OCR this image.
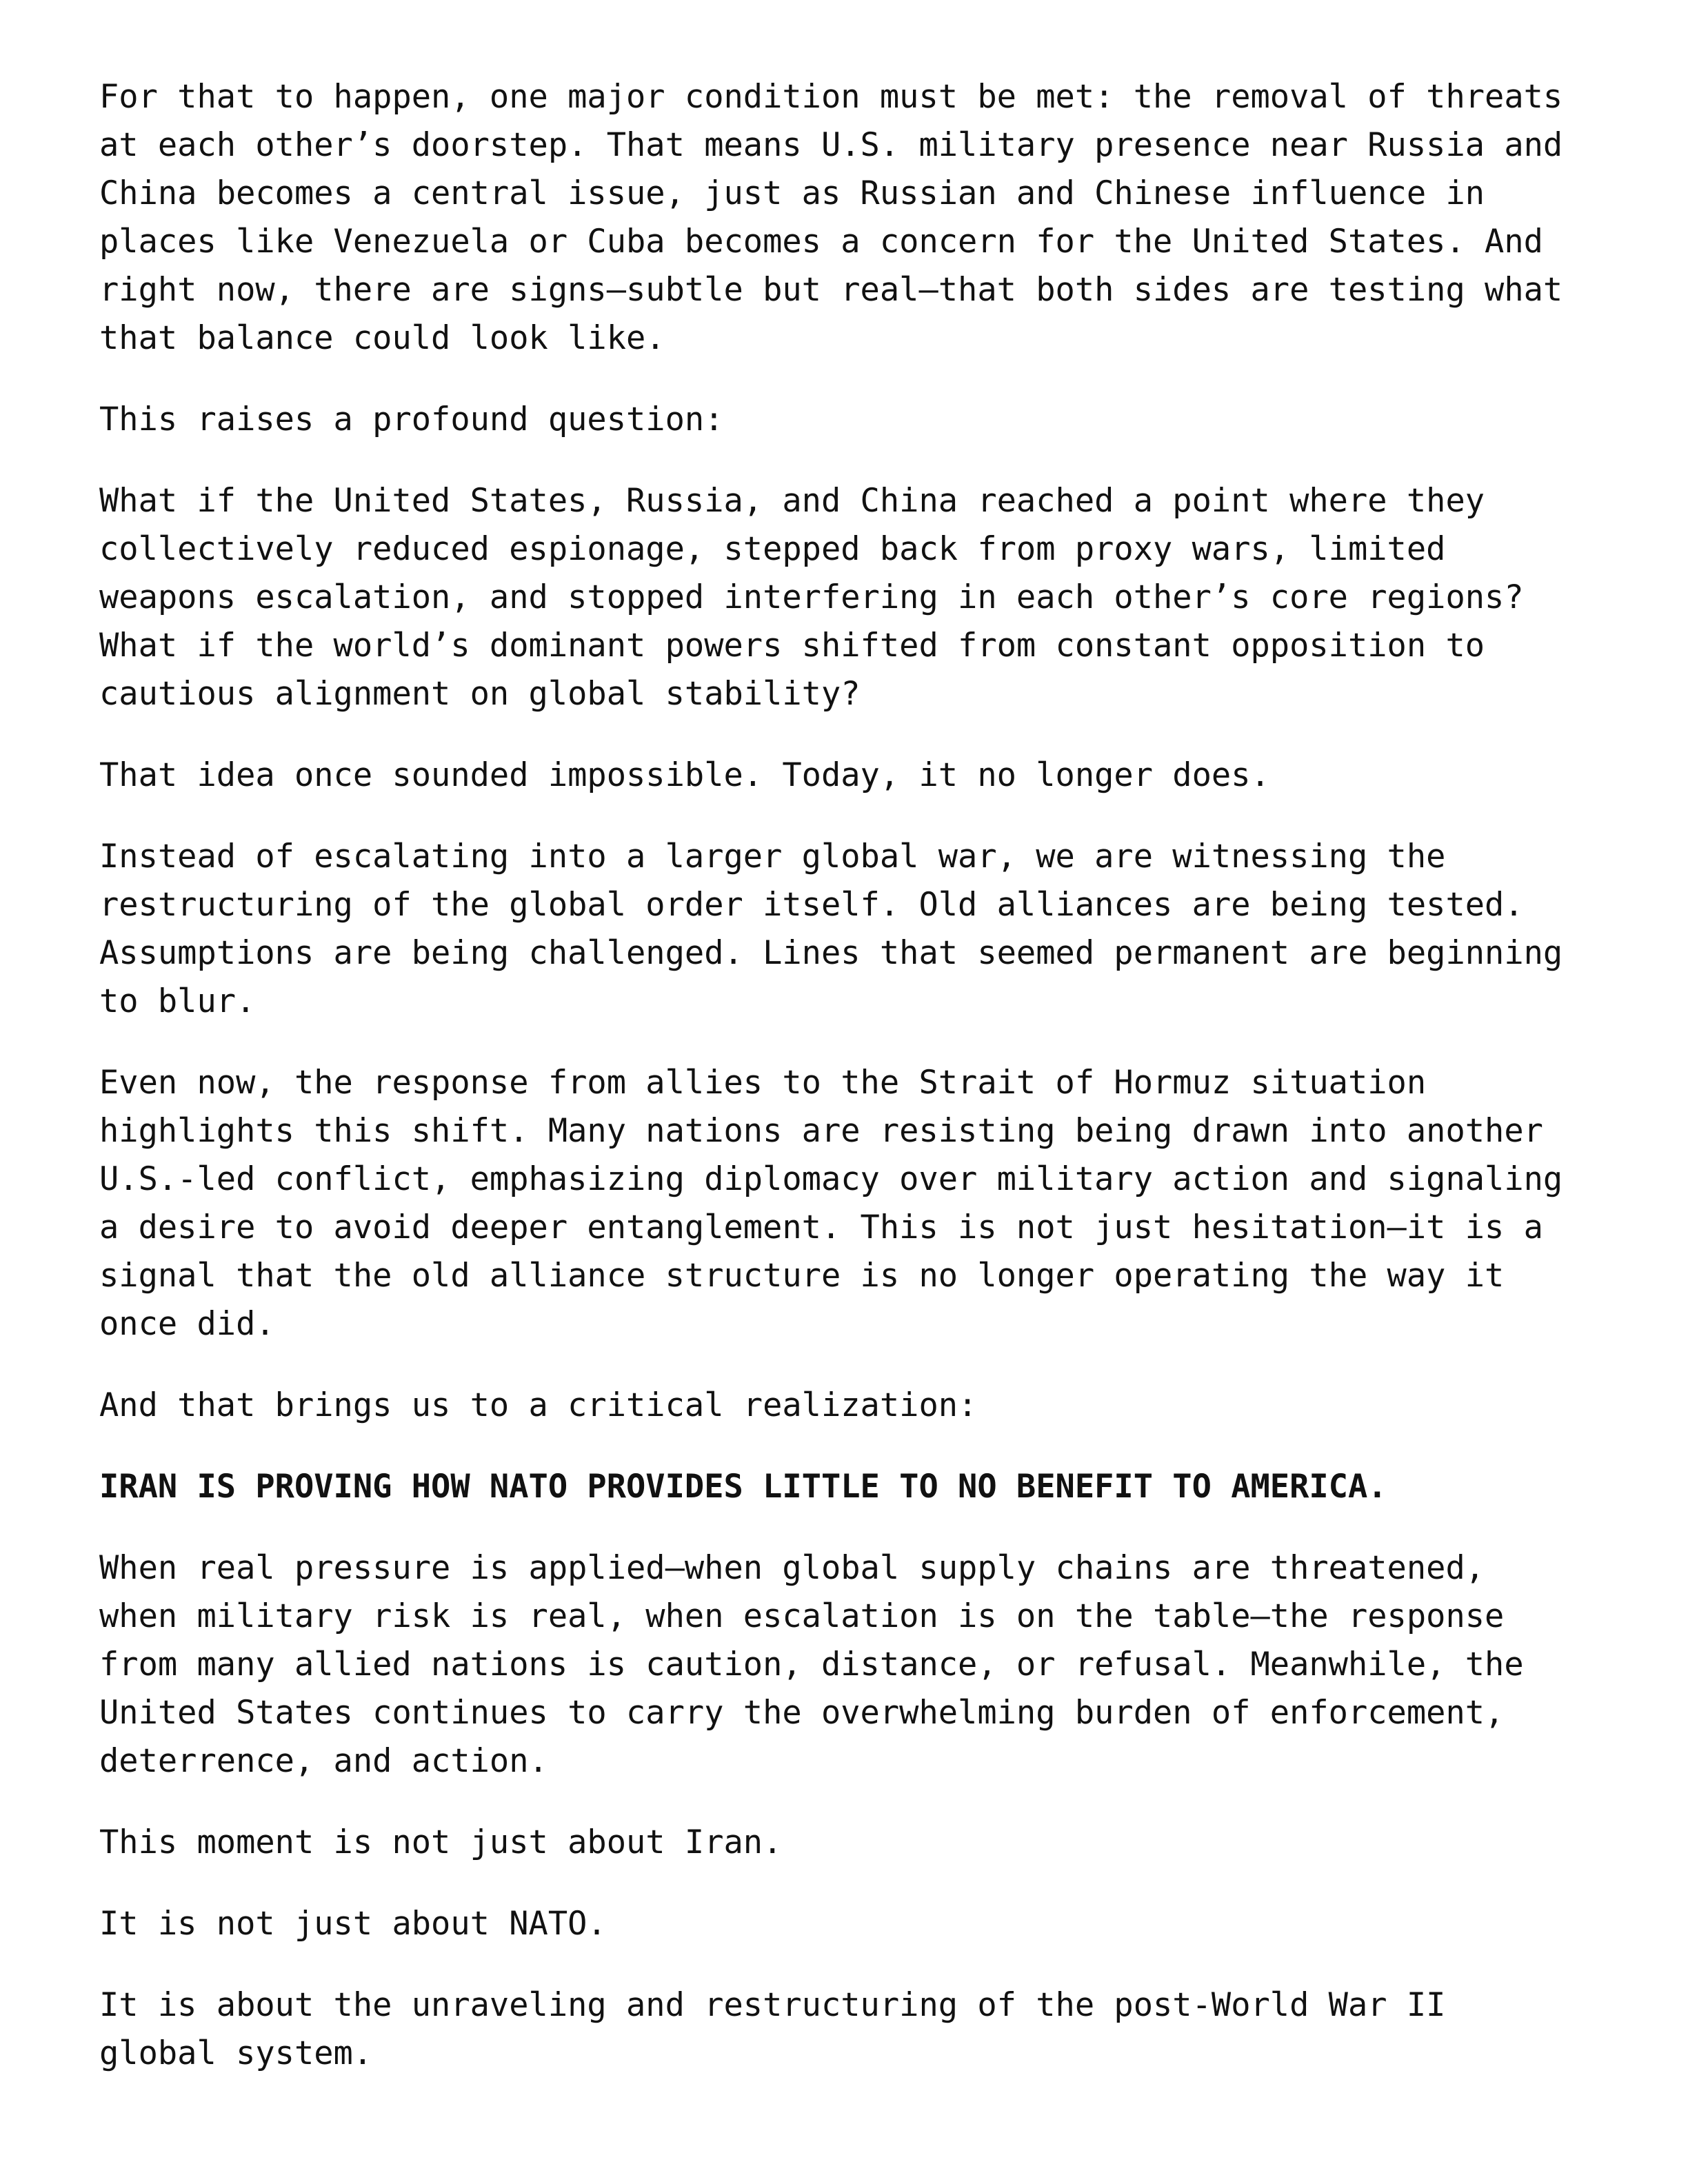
For that to happen, one major condition must be met: the removal of threats
at each other’s doorstep. That means U.S. military presence near Russia and
China becomes a central issue, just as Russian and Chinese influence in
places like Venezuela or Cuba becomes a concern for the United States. And
right now, there are signs—subtle but real—that both sides are testing what
that balance could look like.

This raises a profound question:

What if the United States, Russia, and China reached a point where they
collectively reduced espionage, stepped back from proxy wars, limited
weapons escalation, and stopped interfering in each other’s core regions?
What if the world’s dominant powers shifted from constant opposition to
cautious alignment on global stability?

That idea once sounded impossible. Today, it no longer does.

Instead of escalating into a larger global war, we are witnessing the
restructuring of the global order itself. Old alliances are being tested.
Assumptions are being challenged. Lines that seemed permanent are beginning
to blur.

Even now, the response from allies to the Strait of Hormuz situation
highlights this shift. Many nations are resisting being drawn into another
U.S.-led conflict, emphasizing diplomacy over military action and signaling
a desire to avoid deeper entanglement. This is not just hesitation—it is a
signal that the old alliance structure is no longer operating the way it
once did.

And that brings us to a critical realization:

IRAN IS PROVING HOW NATO PROVIDES LITTLE TO NO BENEFIT TO AMERICA.

When real pressure is applied—when global supply chains are threatened,
when military risk is real, when escalation is on the table—the response
from many allied nations is caution, distance, or refusal. Meanwhile, the
United States continues to carry the overwhelming burden of enforcement,
deterrence, and action.

This moment is not just about Iran.

It is not just about NATO.

It is about the unraveling and restructuring of the post-World War II
global system.
